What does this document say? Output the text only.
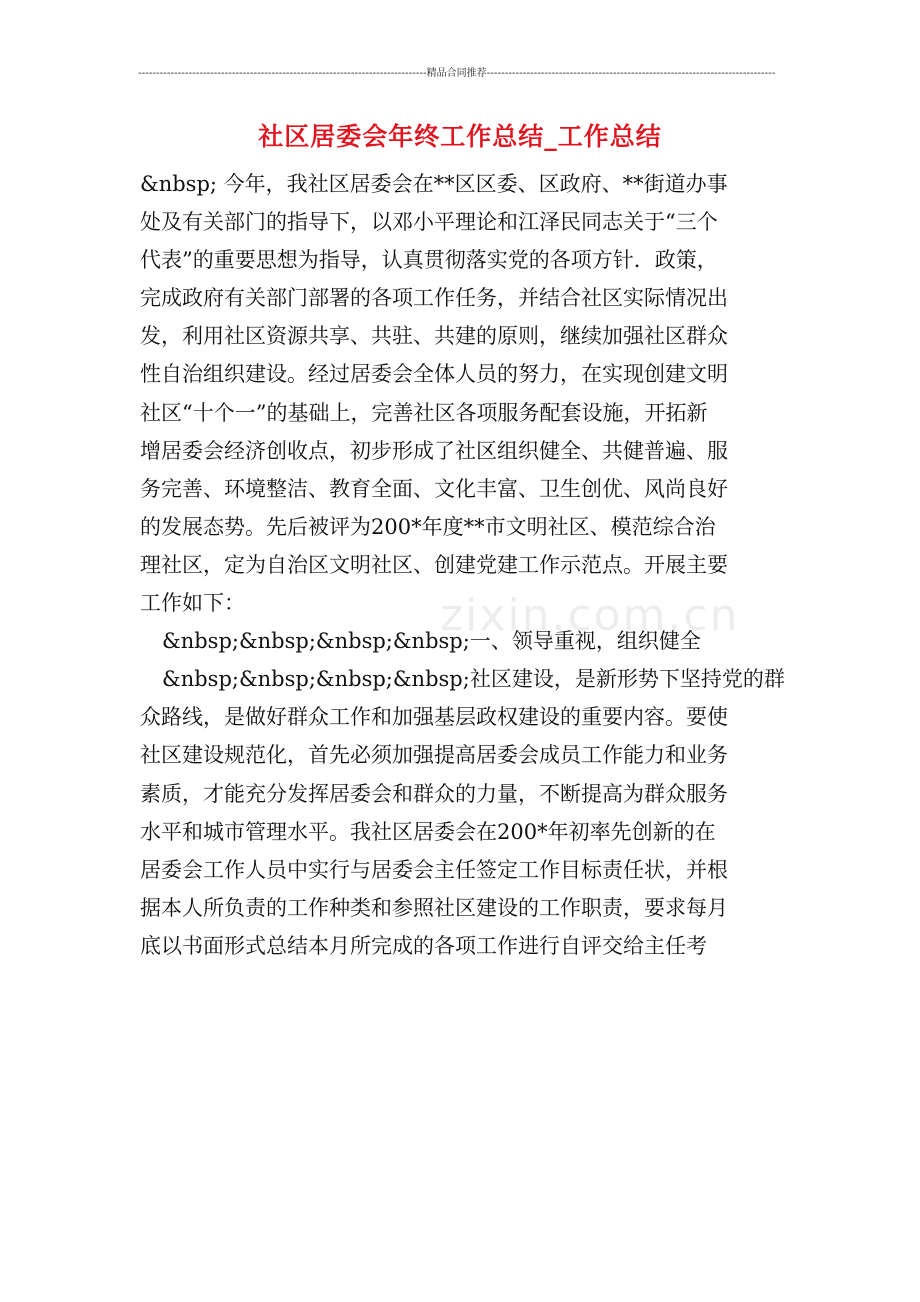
--------------------------------------------------------------------------------精品合同推荐--------------------------------------------------------------------------------
社区居委会年终工作总结_工作总结
zixin.com.cn
&nbsp; 今年，我社区居委会在**区区委、区政府、**街道办事
处及有关部门的指导下，以邓小平理论和江泽民同志关于“三个
代表”的重要思想为指导，认真贯彻落实党的各项方针．政策，
完成政府有关部门部署的各项工作任务，并结合社区实际情况出
发，利用社区资源共享、共驻、共建的原则，继续加强社区群众
性自治组织建设。经过居委会全体人员的努力，在实现创建文明
社区“十个一”的基础上，完善社区各项服务配套设施，开拓新
增居委会经济创收点，初步形成了社区组织健全、共健普遍、服
务完善、环境整洁、教育全面、文化丰富、卫生创优、风尚良好
的发展态势。先后被评为200*年度**市文明社区、模范综合治
理社区，定为自治区文明社区、创建党建工作示范点。开展主要
工作如下：
&nbsp;&nbsp;&nbsp;&nbsp;一、领导重视，组织健全
&nbsp;&nbsp;&nbsp;&nbsp;社区建设，是新形势下坚持党的群
众路线，是做好群众工作和加强基层政权建设的重要内容。要使
社区建设规范化，首先必须加强提高居委会成员工作能力和业务
素质，才能充分发挥居委会和群众的力量，不断提高为群众服务
水平和城市管理水平。我社区居委会在200*年初率先创新的在
居委会工作人员中实行与居委会主任签定工作目标责任状，并根
据本人所负责的工作种类和参照社区建设的工作职责，要求每月
底以书面形式总结本月所完成的各项工作进行自评交给主任考
